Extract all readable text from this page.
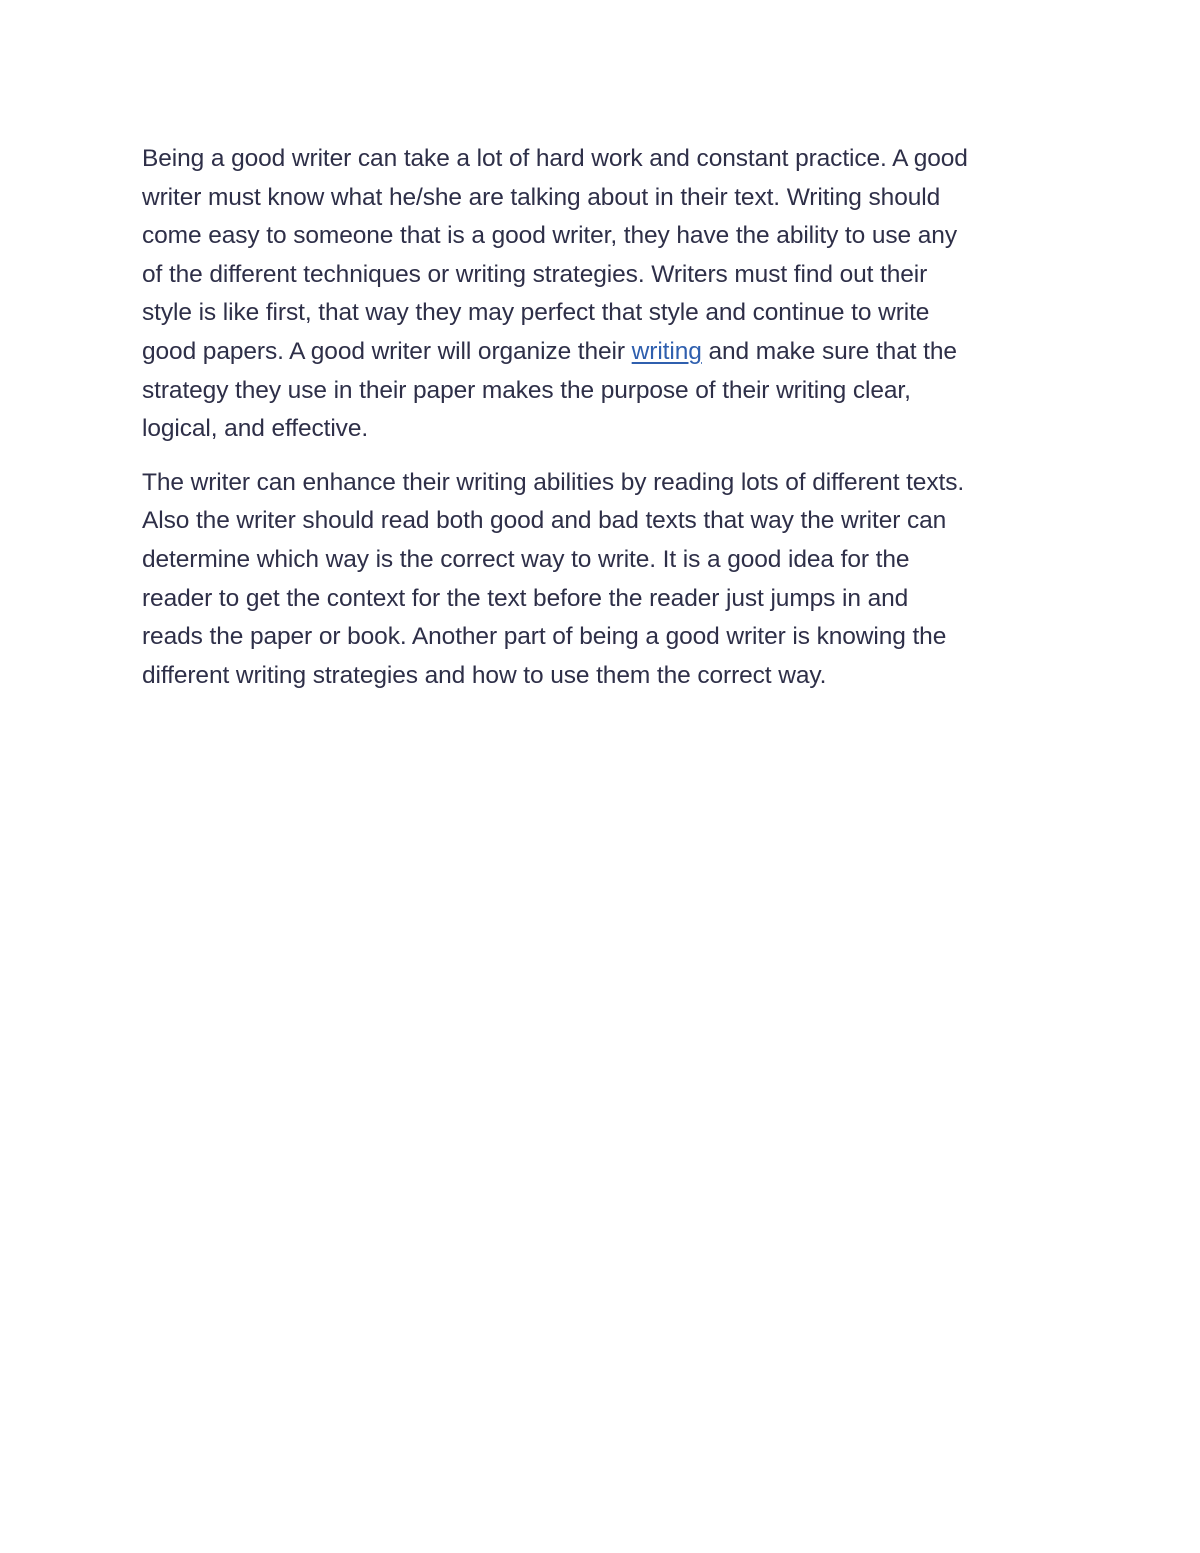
Being a good writer can take a lot of hard work and constant practice. A good
writer must know what he/she are talking about in their text. Writing should
come easy to someone that is a good writer, they have the ability to use any
of the different techniques or writing strategies. Writers must find out their
style is like first, that way they may perfect that style and continue to write
good papers. A good writer will organize their writing and make sure that the
strategy they use in their paper makes the purpose of their writing clear,
logical, and effective.

The writer can enhance their writing abilities by reading lots of different texts.
Also the writer should read both good and bad texts that way the writer can
determine which way is the correct way to write. It is a good idea for the
reader to get the context for the text before the reader just jumps in and
reads the paper or book. Another part of being a good writer is knowing the
different writing strategies and how to use them the correct way.
